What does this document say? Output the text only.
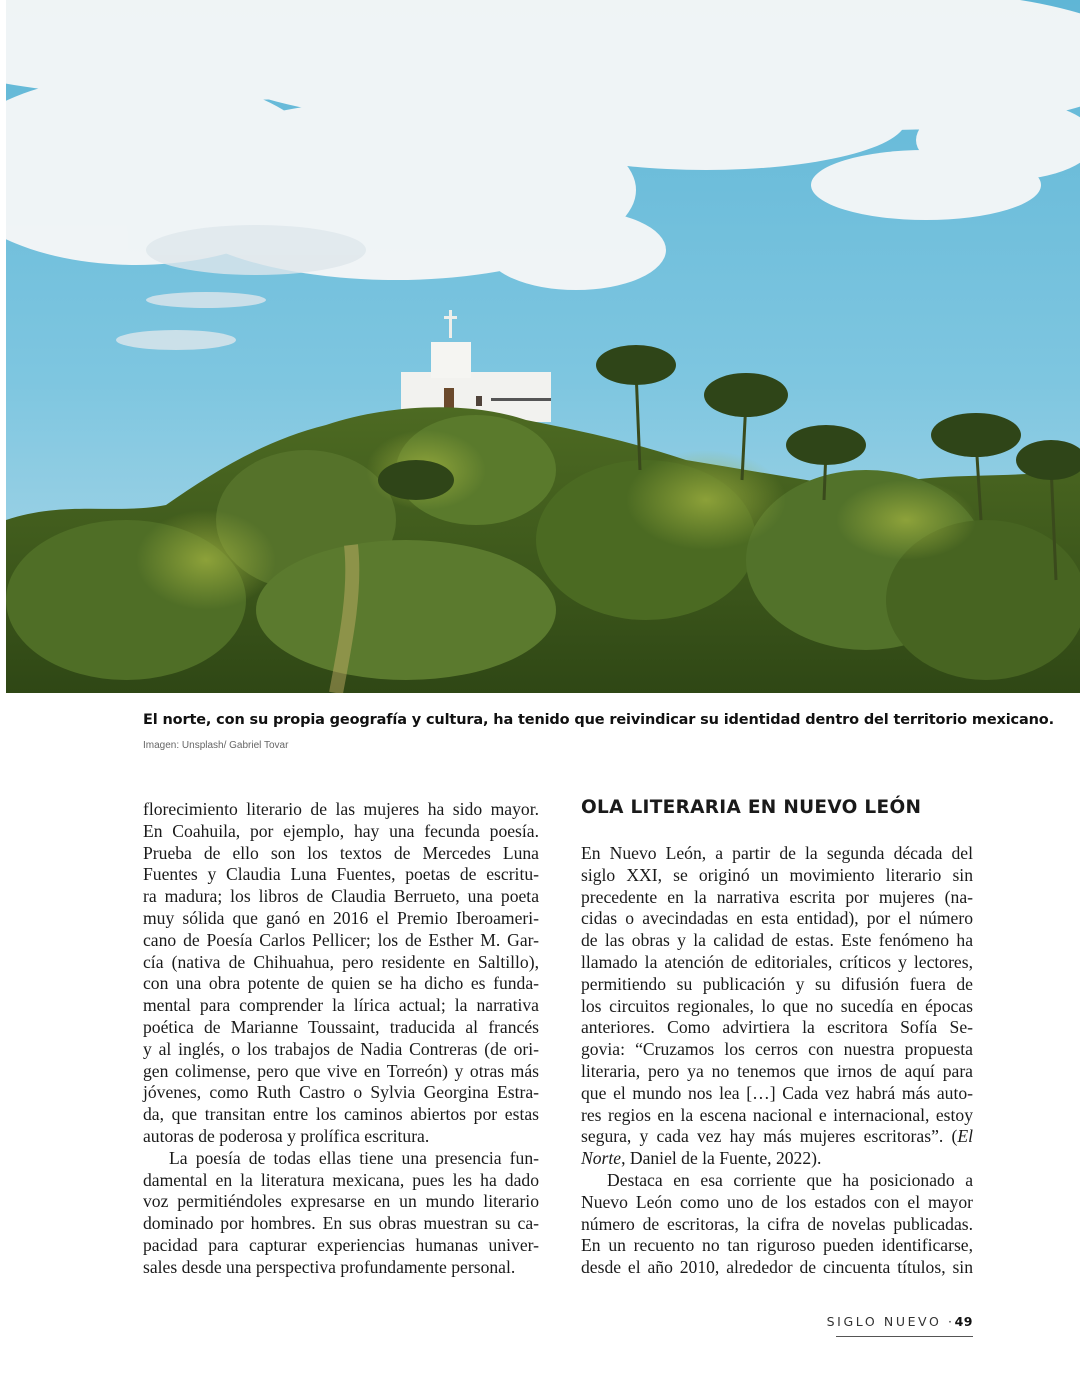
El norte, con su propia geografía y cultura, ha tenido que reivindicar su identidad dentro del territorio mexicano.
Imagen: Unsplash/ Gabriel Tovar
florecimiento literario de las mujeres ha sido mayor.
En Coahuila, por ejemplo, hay una fecunda poesía.
Prueba de ello son los textos de Mercedes Luna
Fuentes y Claudia Luna Fuentes, poetas de escritu-
ra madura; los libros de Claudia Berrueto, una poeta
muy sólida que ganó en 2016 el Premio Iberoameri-
cano de Poesía Carlos Pellicer; los de Esther M. Gar-
cía (nativa de Chihuahua, pero residente en Saltillo),
con una obra potente de quien se ha dicho es funda-
mental para comprender la lírica actual; la narrativa
poética de Marianne Toussaint, traducida al francés
y al inglés, o los trabajos de Nadia Contreras (de ori-
gen colimense, pero que vive en Torreón) y otras más
jóvenes, como Ruth Castro o Sylvia Georgina Estra-
da, que transitan entre los caminos abiertos por estas
autoras de poderosa y prolífica escritura.
La poesía de todas ellas tiene una presencia fun-
damental en la literatura mexicana, pues les ha dado
voz permitiéndoles expresarse en un mundo literario
dominado por hombres. En sus obras muestran su ca-
pacidad para capturar experiencias humanas univer-
sales desde una perspectiva profundamente personal.
OLA LITERARIA EN NUEVO LEÓN
En Nuevo León, a partir de la segunda década del
siglo XXI, se originó un movimiento literario sin
precedente en la narrativa escrita por mujeres (na-
cidas o avecindadas en esta entidad), por el número
de las obras y la calidad de estas. Este fenómeno ha
llamado la atención de editoriales, críticos y lectores,
permitiendo su publicación y su difusión fuera de
los circuitos regionales, lo que no sucedía en épocas
anteriores. Como advirtiera la escritora Sofía Se-
govia: “Cruzamos los cerros con nuestra propuesta
literaria, pero ya no tenemos que irnos de aquí para
que el mundo nos lea […] Cada vez habrá más auto-
res regios en la escena nacional e internacional, estoy
segura, y cada vez hay más mujeres escritoras”. (El
Norte, Daniel de la Fuente, 2022).
Destaca en esa corriente que ha posicionado a
Nuevo León como uno de los estados con el mayor
número de escritoras, la cifra de novelas publicadas.
En un recuento no tan riguroso pueden identificarse,
desde el año 2010, alrededor de cincuenta títulos, sin
SIGLO NUEVO ·49
